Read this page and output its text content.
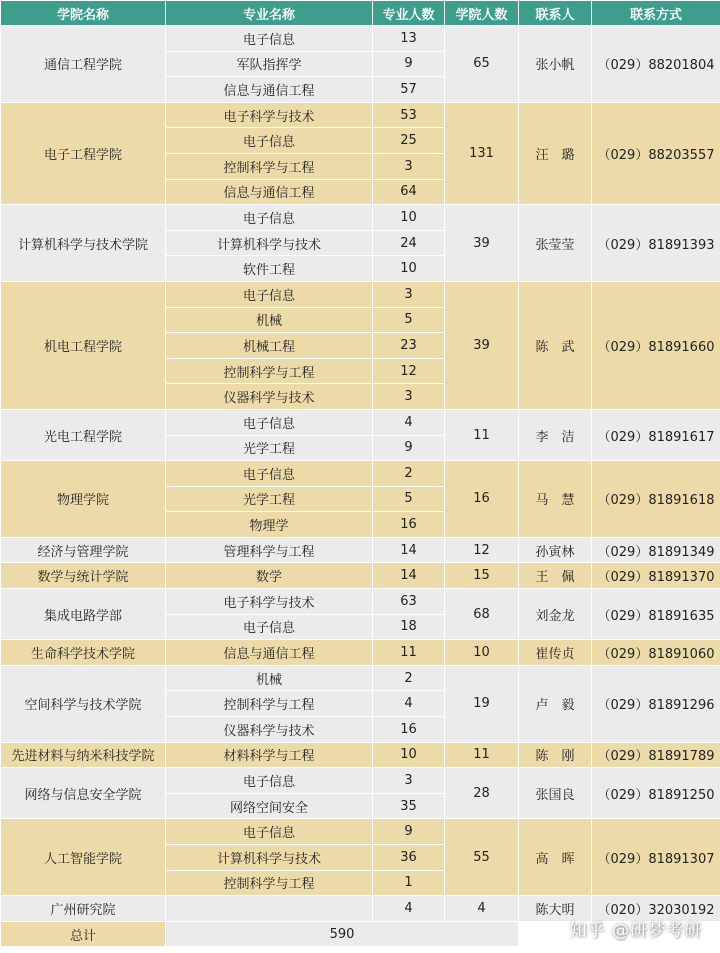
学院名称	专业名称	专业人数	学院人数	联系人	联系方式
通信工程学院	电子信息	13	65	张小帆	（029）88201804
	军队指挥学	9			
	信息与通信工程	57			
电子工程学院	电子科学与技术	53	131	汪　璐	（029）88203557
	电子信息	25			
	控制科学与工程	3			
	信息与通信工程	64			
计算机科学与技术学院	电子信息	10	39	张莹莹	（029）81891393
	计算机科学与技术	24			
	软件工程	10			
机电工程学院	电子信息	3	39	陈　武	（029）81891660
	机械	5			
	机械工程	23			
	控制科学与工程	12			
	仪器科学与技术	3			
光电工程学院	电子信息	4	11	李　洁	（029）81891617
	光学工程	9			
物理学院	电子信息	2	16	马　慧	（029）81891618
	光学工程	5			
	物理学	16			
经济与管理学院	管理科学与工程	14	12	孙寅林	（029）81891349
数学与统计学院	数学	14	15	王　佩	（029）81891370
集成电路学部	电子科学与技术	63	68	刘金龙	（029）81891635
	电子信息	18			
生命科学技术学院	信息与通信工程	11	10	崔传贞	（029）81891060
空间科学与技术学院	机械	2	19	卢　毅	（029）81891296
	控制科学与工程	4			
	仪器科学与技术	16			
先进材料与纳米科技学院	材料科学与工程	10	11	陈　刚	（029）81891789
网络与信息安全学院	电子信息	3	28	张国良	（029）81891250
	网络空间安全	35			
人工智能学院	电子信息	9	55	高　晖	（029）81891307
	计算机科学与技术	36			
	控制科学与工程	1			
广州研究院		4	4	陈大明	（020）32030192
总计	590					知乎 @研梦考研
